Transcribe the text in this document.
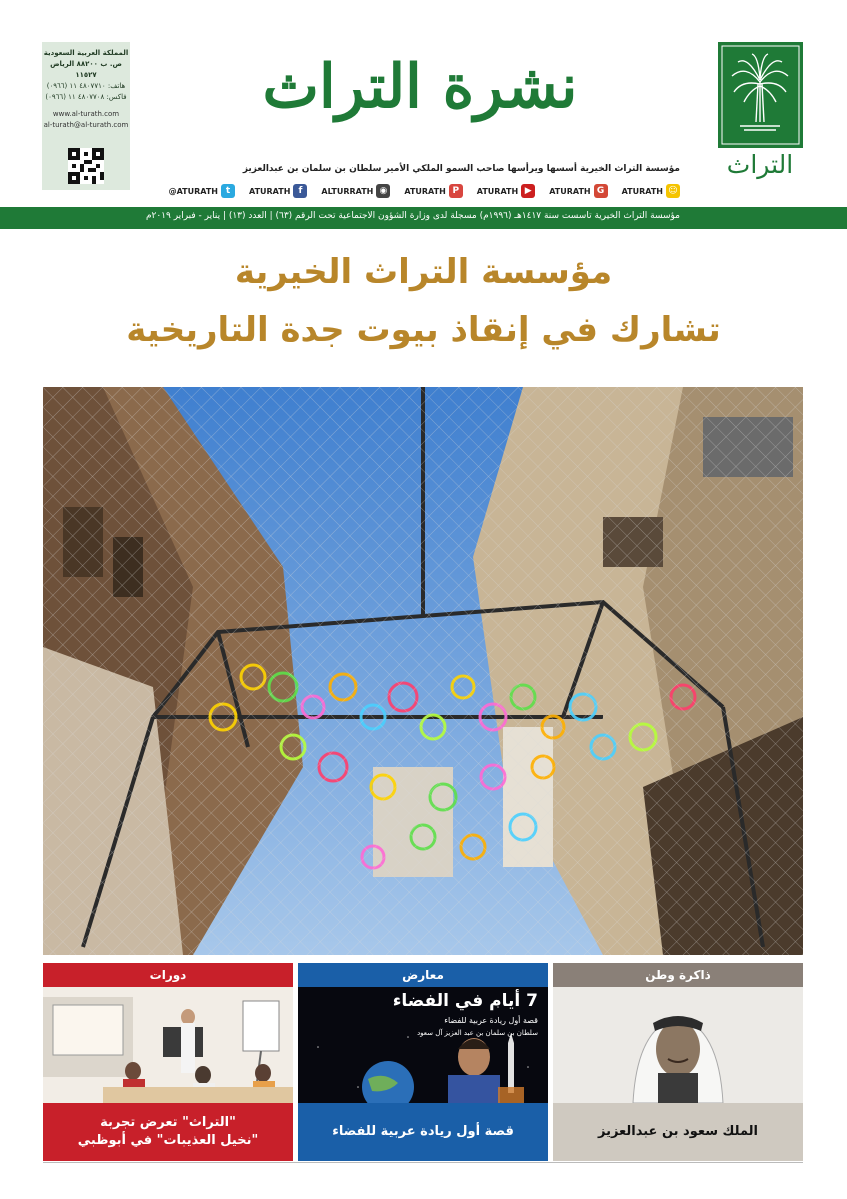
التراث
نشرة التراث
المملكة العربية السعودية
ص. ب ٨٨٢٠٠ الرياض ١١٥٢٧
هاتف: ٤٨٠٧٧١٠ ١١ (٠٩٦٦)
فاكس: ٤٨٠٧٧٠٨ ١١ (٠٩٦٦)
www.al-turath.com
al-turath@al-turath.com
مؤسسة التراث الخيرية أسسها ويرأسها صاحب السمو الملكي الأمير سلطان بن سلمان بن عبدالعزيز
ATURATH ☺
ATURATH G
ATURATH ▶
ATURATH P
ALTURRATH ◉
ATURATH f
@ATURATH t
مؤسسة التراث الخيرية تأسست سنة ١٤١٧هـ (١٩٩٦م) مسجلة لدى وزارة الشؤون الاجتماعية تحت الرقم (٦٣) | العدد (١٣) | يناير - فبراير ٢٠١٩م
مؤسسة التراث الخيرية
تشارك في إنقاذ بيوت جدة التاريخية
دورات
"التراث" تعرض تجربة
"نخيل العذيبات" في أبوظبي
معارض
7 أيام في الفضاء
قصة أول ريادة عربية للفضاء
سلطان بن سلمان بن عبد العزيز آل سعود
قصة أول ريادة عربية للفضاء
ذاكرة وطن
الملك سعود بن عبدالعزيز
